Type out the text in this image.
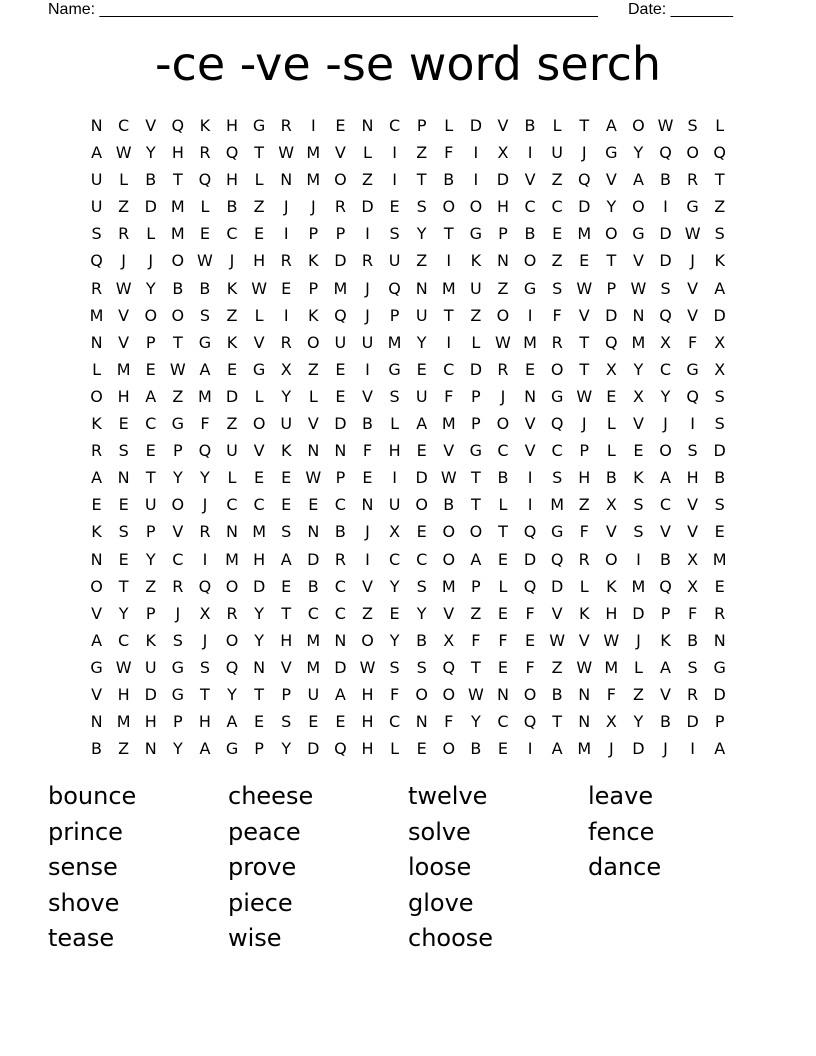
Name: ________________________________________________________ Date: _______
-ce -ve -se word serch
N C	V Q K H G R	I	E	N C	P	L	D V	B	L	T	A O W S	L
A W Y	H R Q T W M V	L	I	Z	F	I	X	I	U	J	G	Y Q O Q
U	L	B	T Q H	L	N M O Z	I	T	B	I	D V	Z Q V	A	B	R	T
U Z D M L	B	Z	J	J	R D E	S O O H C C D	Y O	I	G Z
S	R	L M E	C	E	I	P	P	I	S	Y	T	G	P	B	E M O G D W S
Q	J	J	O W	J	H R	K D R U Z	I	K N O Z	E	T	V D	J	K
R W Y	B	B	K W E	P M	J	Q N M U Z G S W P W S	V	A
M V O O S	Z	L	I	K Q	J	P	U	T	Z O	I	F	V D N Q V D
N V	P	T	G K	V	R O U U M Y	I	L W M R	T Q M X	F	X
L M E W A	E G X	Z	E	I	G E	C D R	E O T	X	Y	C G X
O H A	Z M D	L	Y	L	E	V	S	U	F	P	J	N G W E	X	Y Q S
K	E	C G	F	Z O U V D B	L	A M P O V Q	J	L	V	J	I	S
R	S	E	P Q U V	K N N	F	H	E	V G C	V	C	P	L	E O S D
A N	T	Y	Y	L	E	E W P	E	I	D W T	B	I	S	H B	K	A H B
E	E	U O	J	C C	E	E	C N U O B	T	L	I	M Z	X	S	C	V	S
K	S	P	V	R N M S	N B	J	X	E O O T Q G	F	V	S	V	V	E
N	E	Y	C	I	M H A D R	I	C C O A	E D Q R O	I	B	X M
O T	Z	R Q O D E	B	C	V	Y	S M P	L	Q D	L	K M Q X	E
V	Y	P	J	X	R	Y	T	C C	Z	E	Y	V	Z	E	F	V	K H D	P	F	R
A	C	K	S	J	O Y	H M N O Y	B	X	F	F	E W V W	J	K	B N
G W U G S Q N V M D W S	S Q T	E	F	Z W M L	A	S G
V H D G	T	Y	T	P	U A H	F	O O W N O B N	F	Z	V	R D
N M H	P	H A	E	S	E	E	H C N	F	Y	C Q T	N X	Y	B D	P
B	Z N	Y	A G	P	Y	D Q H	L	E O B	E	I	A M	J	D	J	I	A
bounce
prince
sense
shove
tease
cheese
peace
prove
piece
wise
twelve
solve
loose
glove
choose
leave
fence
dance
